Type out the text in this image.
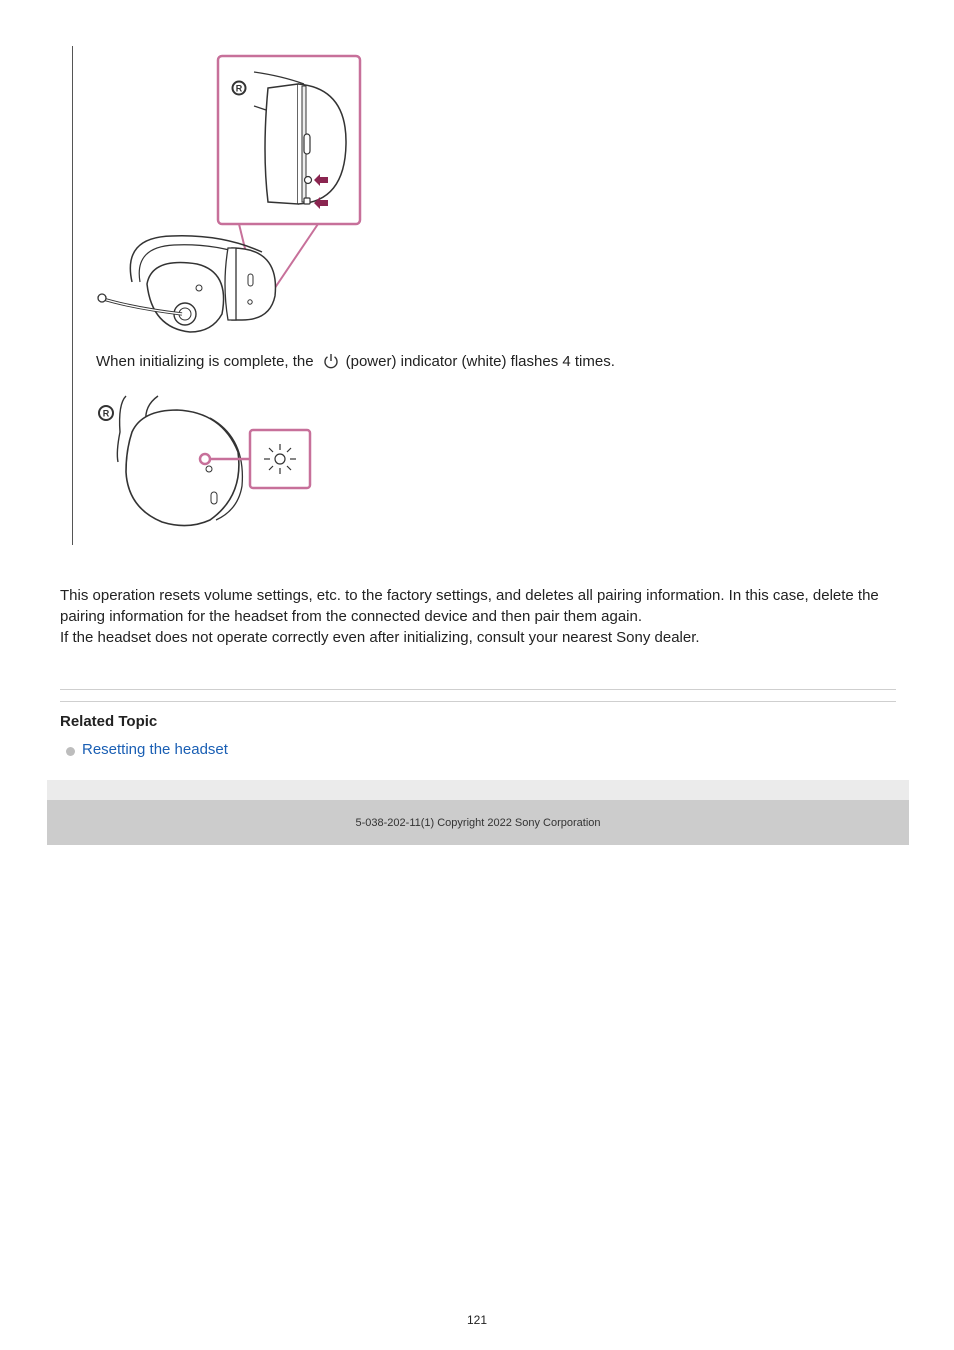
R
When initializing is complete, the (power) indicator (white) flashes 4 times.
R

This operation resets volume settings, etc. to the factory settings, and deletes all pairing information. In this case, delete the pairing information for the headset from the connected device and then pair them again.

If the headset does not operate correctly even after initializing, consult your nearest Sony dealer.

Related Topic
Resetting the headset
5-038-202-11(1) Copyright 2022 Sony Corporation
121
